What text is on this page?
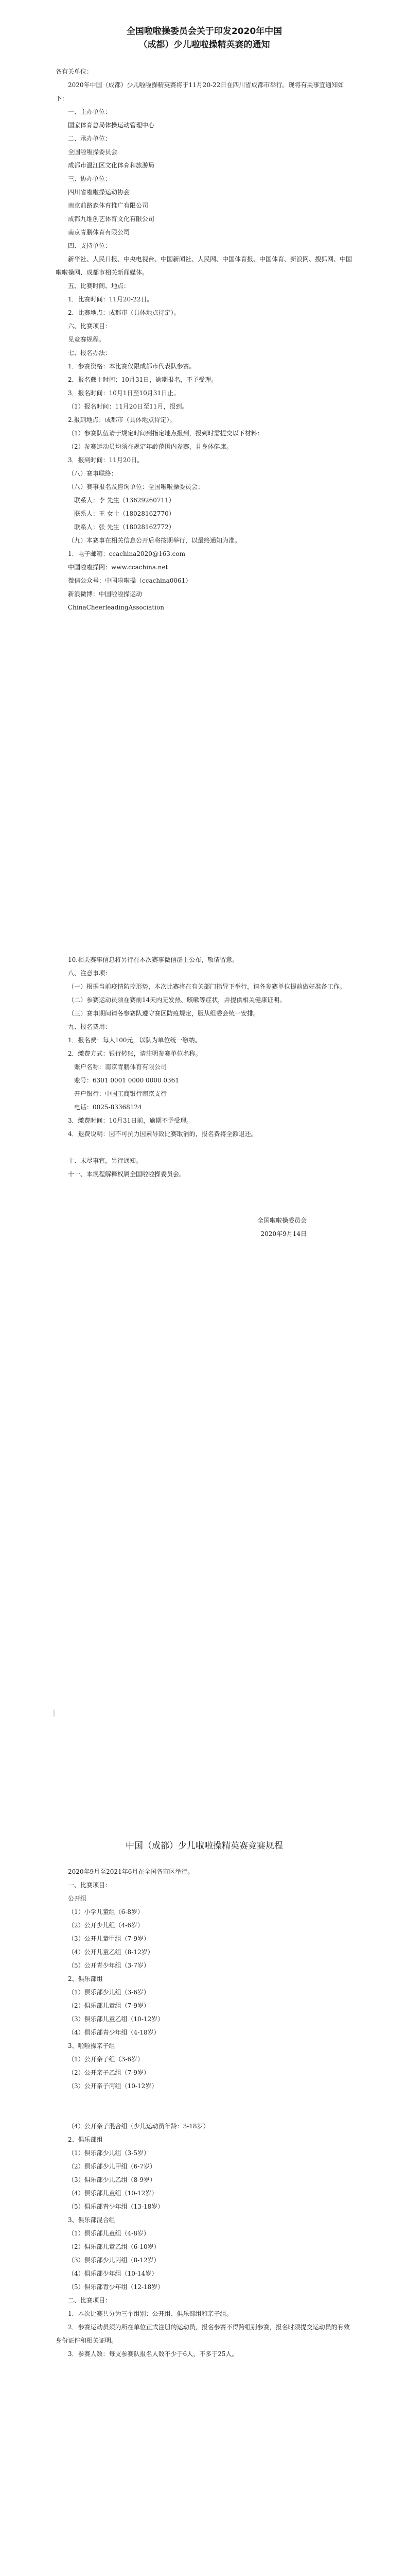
全国啦啦操委员会关于印发2020年中国
（成都）少儿啦啦操精英赛的通知

各有关单位：

2020年中国（成都）少儿啦啦操精英赛将于11月20-22日在四川省成都市举行。现将有关事宜通知如下：

一、主办单位：

国家体育总局体操运动管理中心

二、承办单位：

全国啦啦操委员会

成都市温江区文化体育和旅游局

三、协办单位：

四川省啦啦操运动协会

南京前路森体育推广有限公司

成都九维创艺体育文化有限公司

南京青鹏体育有限公司

四、支持单位：

新华社、人民日报、中央电视台、中国新闻社、人民网、中国体育报、中国体育、新浪网、搜狐网、中国啦啦操网、成都市相关新闻媒体。

五、比赛时间、地点：

1．比赛时间：11月20-22日。

2．比赛地点：成都市（具体地点待定）。

六、比赛项目：

见竞赛规程。

七、报名办法：

1．参赛资格：本比赛仅限成都市代表队参赛。

2．报名截止时间：10月31日，逾期报名，不予受理。

3．报名时间：10月1日至10月31日止。

（1）报名时间：11月20日至11月，报到。

2.报到地点：成都市（具体地点待定）。

（1）参赛队伍请于规定时间到指定地点报到，报到时需提交以下材料：

（2）参赛运动员均须在规定年龄范围内参赛，且身体健康。

3．报到时间：11月20日。

（八）赛事联络：

（八）赛事报名及咨询单位：全国啦啦操委员会；

联系人：李 先生（13629260711）

联系人：王 女士（18028162770）

联系人：张 先生（18028162772）

（九）本赛事在相关信息公开后将按期举行，以最终通知为准。

1．电子邮箱：ccachina2020@163.com

中国啦啦操网：www.ccachina.net

微信公众号：中国啦啦操（ccachina0061）

新浪微博：中国啦啦操运动

ChinaCheerleadingAssociation

10.相关赛事信息将另行在本次赛事微信群上公布，敬请留意。

八、注意事项：

（一）根据当前疫情防控形势，本次比赛将在有关部门指导下举行，请各参赛单位提前做好准备工作。

（二）参赛运动员须在赛前14天内无发热、咳嗽等症状，并提供相关健康证明。

（三）赛事期间请各参赛队遵守赛区防疫规定，服从组委会统一安排。

九、报名费用：

1．报名费：每人100元，以队为单位统一缴纳。

2．缴费方式：银行转账，请注明参赛单位名称。

账户名称：南京青鹏体育有限公司

账号：6301 0001 0000 0000 0361

开户银行：中国工商银行南京支行

电话：0025-83368124

3．缴费时间：10月31日前，逾期不予受理。

4．退费说明：因不可抗力因素导致比赛取消的，报名费将全额退还。

十、未尽事宜，另行通知。

十一、本规程解释权属全国啦啦操委员会。

全国啦啦操委员会

2020年9月14日

中国（成都）少儿啦啦操精英赛竞赛规程

2020年9月至2021年6月在全国各市区举行。

一、比赛项目：

公开组

（1）小学儿童组（6-8岁）

（2）公开少儿组（4-6岁）

（3）公开儿童甲组（7-9岁）

（4）公开儿童乙组（8-12岁）

（5）公开青少年组（3-7岁）

2、俱乐部组

（1）俱乐部少儿组（3-6岁）

（2）俱乐部儿童组（7-9岁）

（3）俱乐部儿童乙组（10-12岁）

（4）俱乐部青少年组（4-18岁）

3、啦啦操亲子组

（1）公开亲子组（3-6岁）

（2）公开亲子乙组（7-9岁）

（3）公开亲子丙组（10-12岁）

（4）公开亲子混合组（少儿运动员年龄：3-18岁）

2、俱乐部组

（1）俱乐部少儿组（3-5岁）

（2）俱乐部少儿甲组（6-7岁）

（3）俱乐部少儿乙组（8-9岁）

（4）俱乐部儿童组（10-12岁）

（5）俱乐部青少年组（13-18岁）

3、俱乐部混合组

（1）俱乐部儿童组（4-8岁）

（2）俱乐部儿童乙组（6-10岁）

（3）俱乐部少儿丙组（8-12岁）

（4）俱乐部少年组（10-14岁）

（5）俱乐部青少年组（12-18岁）

二、比赛项目：

1．本次比赛共分为三个组别：公开组、俱乐部组和亲子组。

2．参赛运动员须为所在单位正式注册的运动员，报名参赛不得跨组别参赛，报名时须提交运动员的有效身份证件和相关证明。

3．参赛人数：每支参赛队报名人数不少于6人，不多于25人。
